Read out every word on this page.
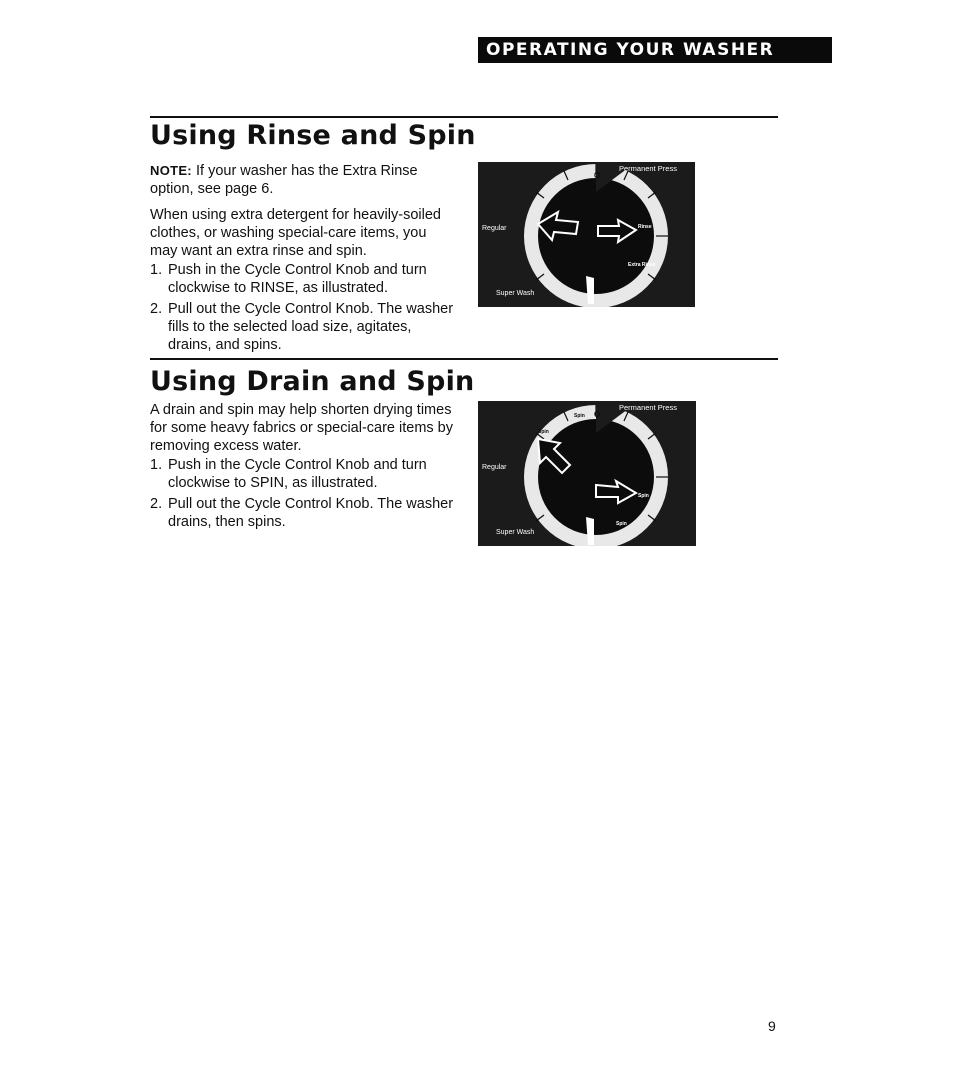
OPERATING YOUR WASHER
Using Rinse and Spin

NOTE: If your washer has the Extra Rinse option, see page 6.

When using extra detergent for heavily-soiled clothes, or washing special-care items, you may want an extra rinse and spin.

1. Push in the Cycle Control Knob and turn clockwise to RINSE, as illustrated.
2. Pull out the Cycle Control Knob. The washer fills to the selected load size, agitates, drains, and spins.
Permanent Press
Regular
Super Wash
Rinse
Extra Rinse
O
O
Using Drain and Spin

A drain and spin may help shorten drying times for some heavy fabrics or special-care items by removing excess water.

1. Push in the Cycle Control Knob and turn clockwise to SPIN, as illustrated.
2. Pull out the Cycle Control Knob. The washer drains, then spins.
Permanent Press
Regular
Super Wash
Spin
Spin
Spin
Spin
O
O
9
